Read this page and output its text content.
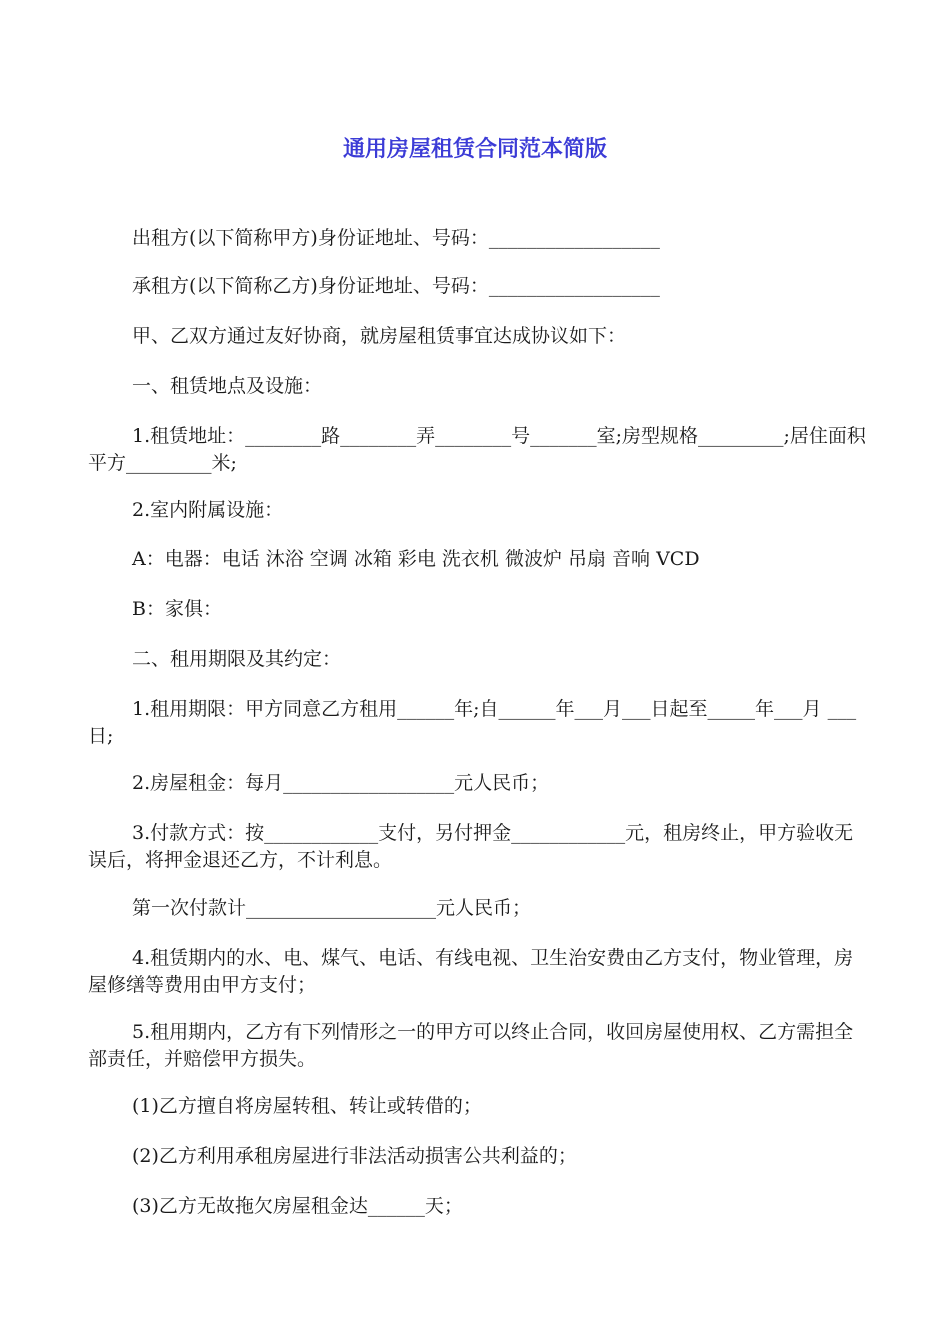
通用房屋租赁合同范本简版

出租方(以下简称甲方)身份证地址、号码：__________________

承租方(以下简称乙方)身份证地址、号码：__________________

甲、乙双方通过友好协商，就房屋租赁事宜达成协议如下：

一、租赁地点及设施：

1.租赁地址：________路________弄________号_______室;房型规格_________;居住面积平方_________米;

2.室内附属设施：

A：电器：电话 沐浴 空调 冰箱 彩电 洗衣机 微波炉 吊扇 音响 VCD

B：家俱：

二、租用期限及其约定：

1.租用期限：甲方同意乙方租用______年;自______年___月___日起至_____年___月 ___日;

2.房屋租金：每月__________________元人民币；

3.付款方式：按____________支付，另付押金____________元，租房终止，甲方验收无误后，将押金退还乙方，不计利息。

第一次付款计____________________元人民币；

4.租赁期内的水、电、煤气、电话、有线电视、卫生治安费由乙方支付，物业管理，房屋修缮等费用由甲方支付；

5.租用期内，乙方有下列情形之一的甲方可以终止合同，收回房屋使用权、乙方需担全部责任，并赔偿甲方损失。

(1)乙方擅自将房屋转租、转让或转借的；

(2)乙方利用承租房屋进行非法活动损害公共利益的；

(3)乙方无故拖欠房屋租金达______天；
